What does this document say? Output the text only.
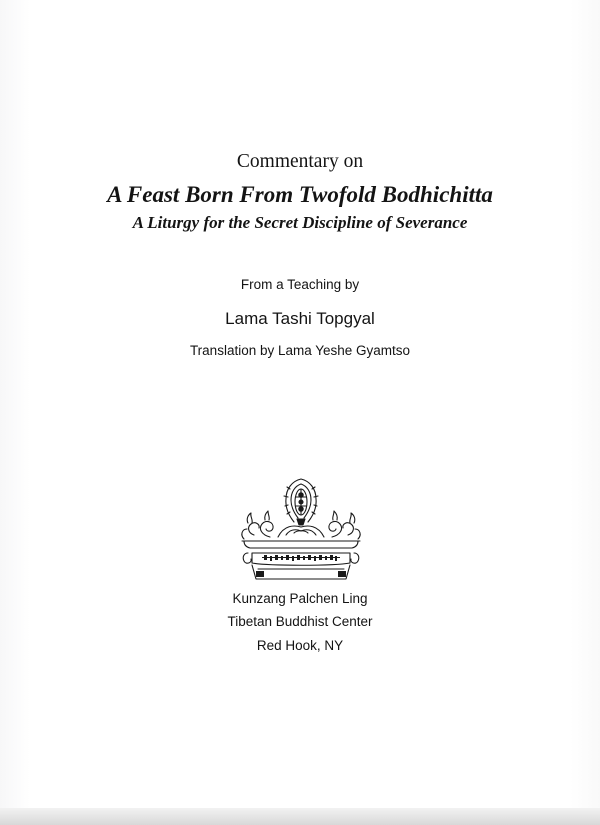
Commentary on
A Feast Born From Twofold Bodhichitta
A Liturgy for the Secret Discipline of Severance
From a Teaching by
Lama Tashi Topgyal
Translation by Lama Yeshe Gyamtso
Kunzang Palchen Ling
Tibetan Buddhist Center
Red Hook, NY
